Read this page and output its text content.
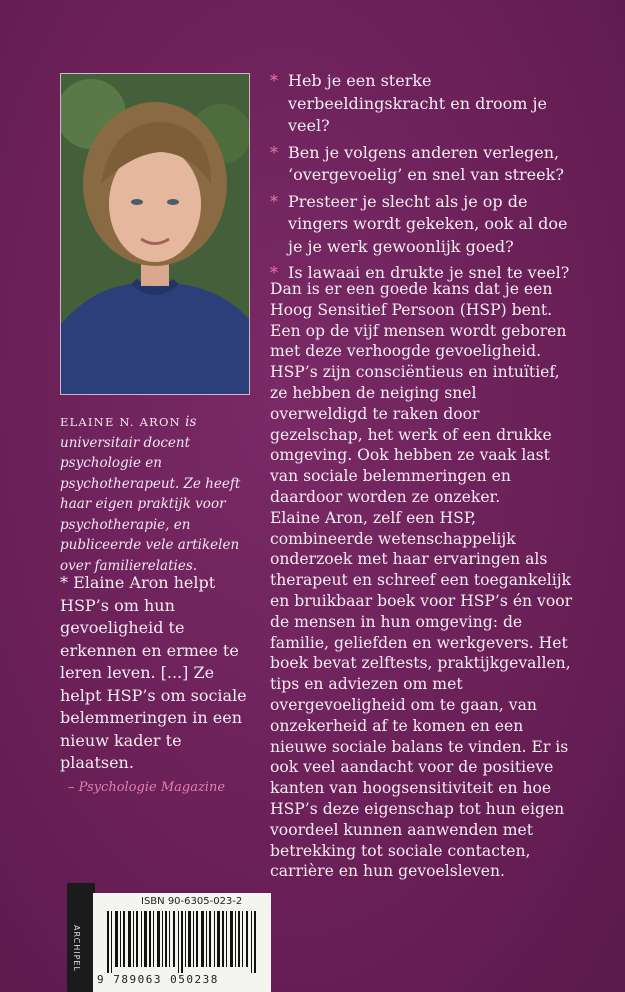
ELAINE N. ARON is universitair docent psychologie en psychotherapeut. Ze heeft haar eigen praktijk voor psychotherapie, en publiceerde vele artikelen over familierelaties.
* Elaine Aron helpt HSP’s om hun gevoeligheid te erkennen en ermee te leren leven. [...] Ze helpt HSP’s om sociale belemmeringen in een nieuw kader te plaatsen.
– Psychologie Magazine
* Heb je een sterke verbeeldingskracht en droom je veel?
* Ben je volgens anderen verlegen, ‘overgevoelig’ en snel van streek?
* Presteer je slecht als je op de vingers wordt gekeken, ook al doe je je werk gewoonlijk goed?
* Is lawaai en drukte je snel te veel?

Dan is er een goede kans dat je een Hoog Sensitief Persoon (HSP) bent. Een op de vijf mensen wordt geboren met deze verhoogde gevoeligheid. HSP’s zijn consciëntieus en intuïtief, ze hebben de neiging snel overweldigd te raken door gezelschap, het werk of een drukke omgeving. Ook hebben ze vaak last van sociale belemmeringen en daardoor worden ze onzeker.

Elaine Aron, zelf een HSP, combineerde wetenschappelijk onderzoek met haar ervaringen als therapeut en schreef een toegankelijk en bruikbaar boek voor HSP’s én voor de mensen in hun omgeving: de familie, geliefden en werkgevers. Het boek bevat zelftests, praktijkgevallen, tips en adviezen om met overgevoeligheid om te gaan, van onzekerheid af te komen en een nieuwe sociale balans te vinden. Er is ook veel aandacht voor de positieve kanten van hoogsensitiviteit en hoe HSP’s deze eigenschap tot hun eigen voordeel kunnen aanwenden met betrekking tot sociale contacten, carrière en hun gevoelsleven.

ARCHIPEL
ISBN 90-6305-023-2
9 789063 050238
